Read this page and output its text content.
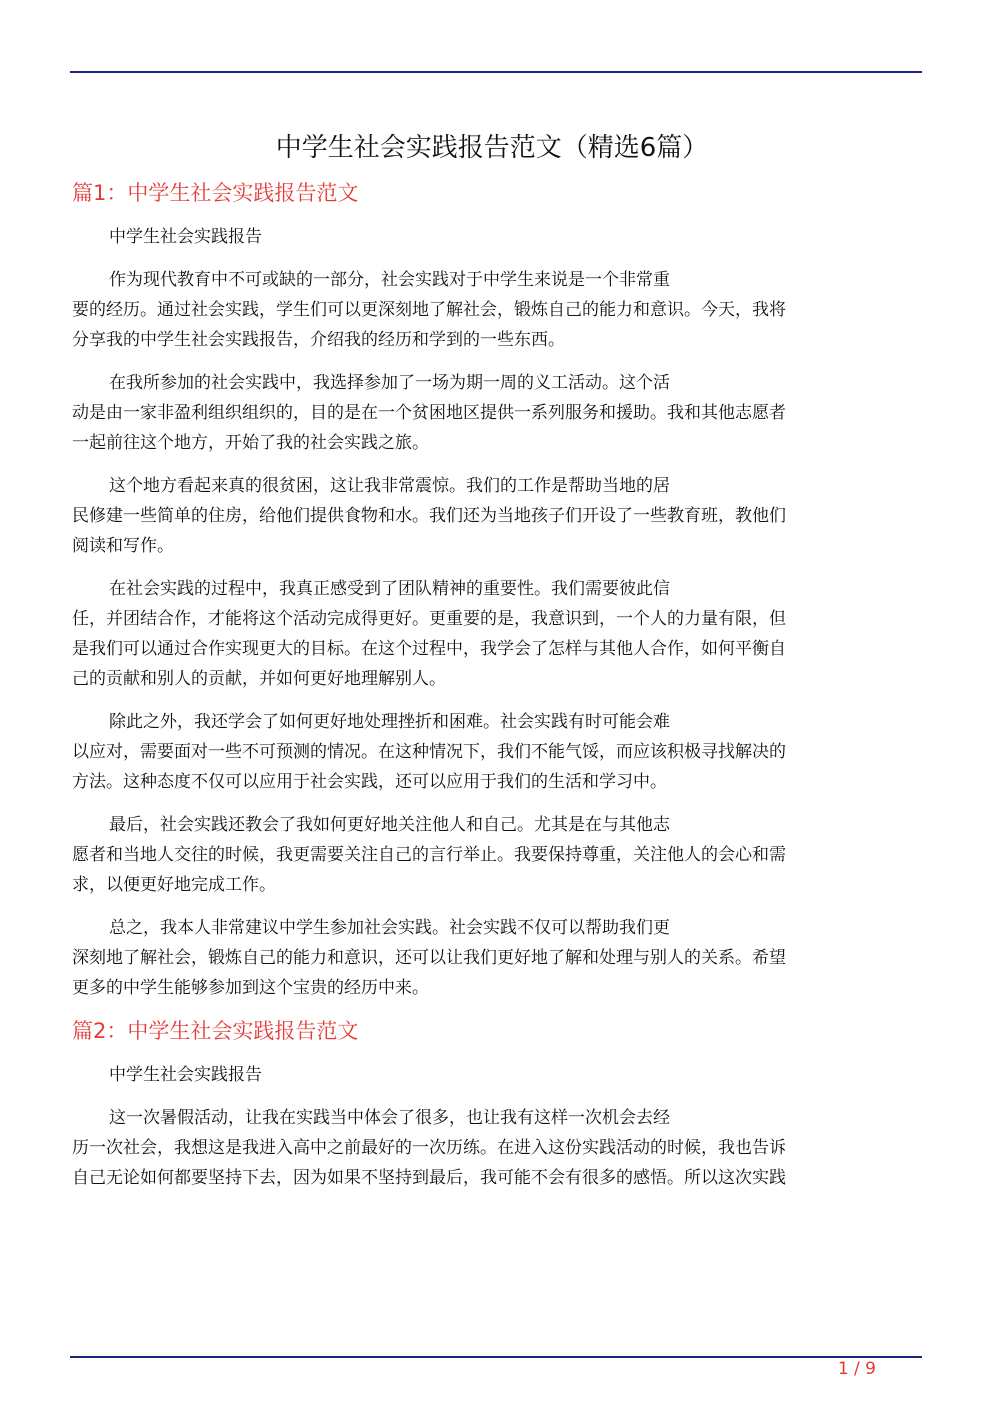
中学生社会实践报告范文（精选6篇）
篇1：中学生社会实践报告范文
中学生社会实践报告
作为现代教育中不可或缺的一部分，社会实践对于中学生来说是一个非常重
要的经历。通过社会实践，学生们可以更深刻地了解社会，锻炼自己的能力和意识。今天，我将
分享我的中学生社会实践报告，介绍我的经历和学到的一些东西。
在我所参加的社会实践中，我选择参加了一场为期一周的义工活动。这个活
动是由一家非盈利组织组织的，目的是在一个贫困地区提供一系列服务和援助。我和其他志愿者
一起前往这个地方，开始了我的社会实践之旅。
这个地方看起来真的很贫困，这让我非常震惊。我们的工作是帮助当地的居
民修建一些简单的住房，给他们提供食物和水。我们还为当地孩子们开设了一些教育班，教他们
阅读和写作。
在社会实践的过程中，我真正感受到了团队精神的重要性。我们需要彼此信
任，并团结合作，才能将这个活动完成得更好。更重要的是，我意识到，一个人的力量有限，但
是我们可以通过合作实现更大的目标。在这个过程中，我学会了怎样与其他人合作，如何平衡自
己的贡献和别人的贡献，并如何更好地理解别人。
除此之外，我还学会了如何更好地处理挫折和困难。社会实践有时可能会难
以应对，需要面对一些不可预测的情况。在这种情况下，我们不能气馁，而应该积极寻找解决的
方法。这种态度不仅可以应用于社会实践，还可以应用于我们的生活和学习中。
最后，社会实践还教会了我如何更好地关注他人和自己。尤其是在与其他志
愿者和当地人交往的时候，我更需要关注自己的言行举止。我要保持尊重，关注他人的会心和需
求，以便更好地完成工作。
总之，我本人非常建议中学生参加社会实践。社会实践不仅可以帮助我们更
深刻地了解社会，锻炼自己的能力和意识，还可以让我们更好地了解和处理与别人的关系。希望
更多的中学生能够参加到这个宝贵的经历中来。
篇2：中学生社会实践报告范文
中学生社会实践报告
这一次暑假活动，让我在实践当中体会了很多，也让我有这样一次机会去经
历一次社会，我想这是我进入高中之前最好的一次历练。在进入这份实践活动的时候，我也告诉
自己无论如何都要坚持下去，因为如果不坚持到最后，我可能不会有很多的感悟。所以这次实践
1 / 9
